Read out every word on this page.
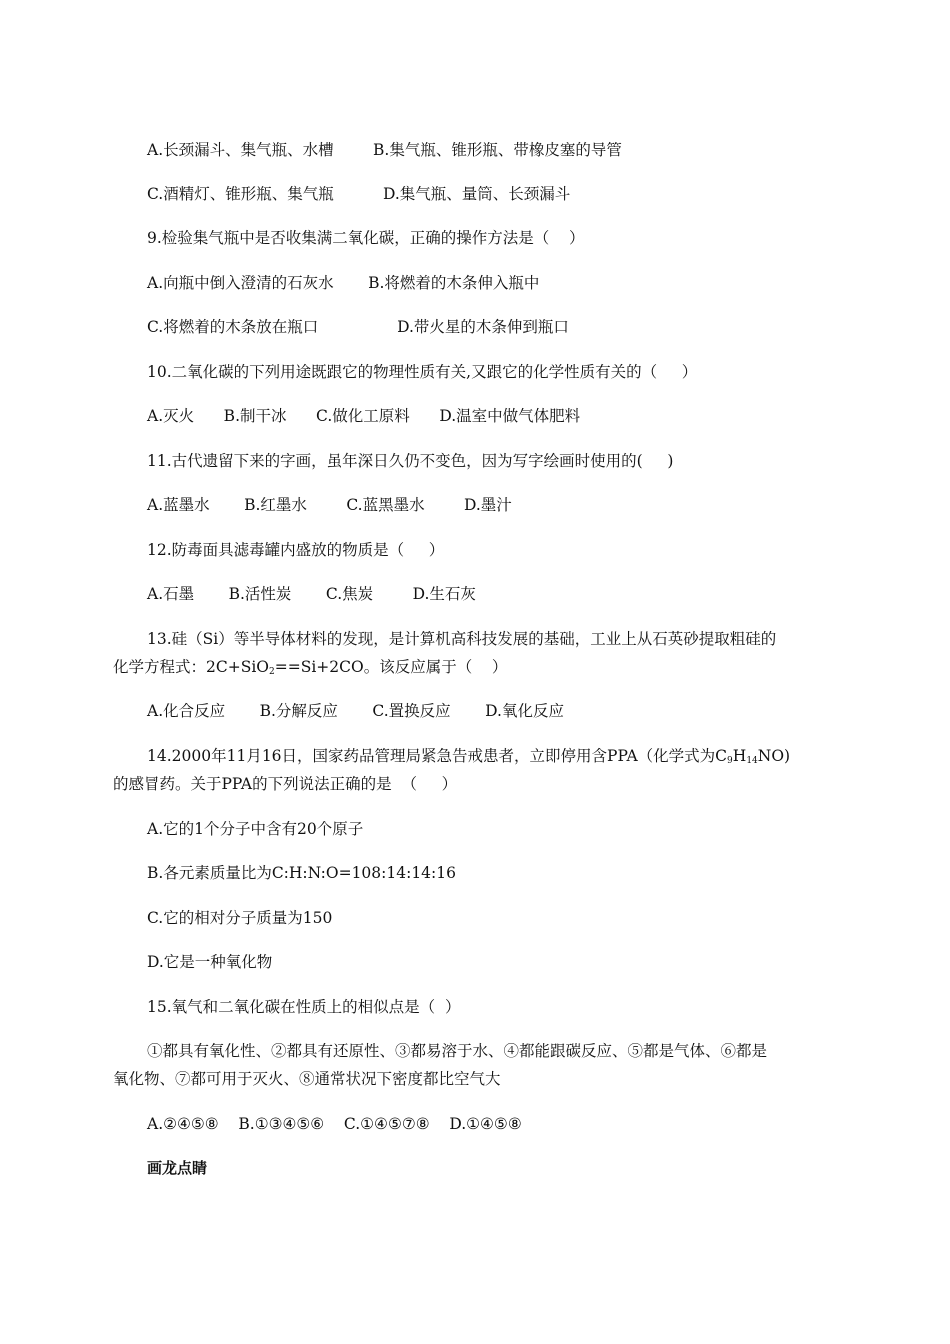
A.长颈漏斗、集气瓶、水槽        B.集气瓶、锥形瓶、带橡皮塞的导管
C.酒精灯、锥形瓶、集气瓶          D.集气瓶、量筒、长颈漏斗
9.检验集气瓶中是否收集满二氧化碳，正确的操作方法是（    ）
A.向瓶中倒入澄清的石灰水       B.将燃着的木条伸入瓶中
C.将燃着的木条放在瓶口                D.带火星的木条伸到瓶口
10.二氧化碳的下列用途既跟它的物理性质有关,又跟它的化学性质有关的（     ）
A.灭火      B.制干冰      C.做化工原料      D.温室中做气体肥料
11.古代遗留下来的字画，虽年深日久仍不变色，因为写字绘画时使用的(     )
A.蓝墨水       B.红墨水        C.蓝黑墨水        D.墨汁
12.防毒面具滤毒罐内盛放的物质是（     ）
A.石墨       B.活性炭       C.焦炭        D.生石灰
13.硅（Si）等半导体材料的发现，是计算机高科技发展的基础，工业上从石英砂提取粗硅的
化学方程式：2C+SiO$_2$==Si+2CO。该反应属于（    ）
A.化合反应       B.分解反应       C.置换反应       D.氧化反应
14.2000年11月16日，国家药品管理局紧急告戒患者，立即停用含PPA（化学式为$C_9H_{14}NO$)
的感冒药。关于PPA的下列说法正确的是  （     ）
A.它的1个分子中含有20个原子
B.各元素质量比为C:H:N:O=108:14:14:16
C.它的相对分子质量为150
D.它是一种氧化物
15.氧气和二氧化碳在性质上的相似点是（  ）
①都具有氧化性、②都具有还原性、③都易溶于水、④都能跟碳反应、⑤都是气体、⑥都是
氧化物、⑦都可用于灭火、⑧通常状况下密度都比空气大
A.②④⑤⑧    B.①③④⑤⑥    C.①④⑤⑦⑧    D.①④⑤⑧
画龙点睛
